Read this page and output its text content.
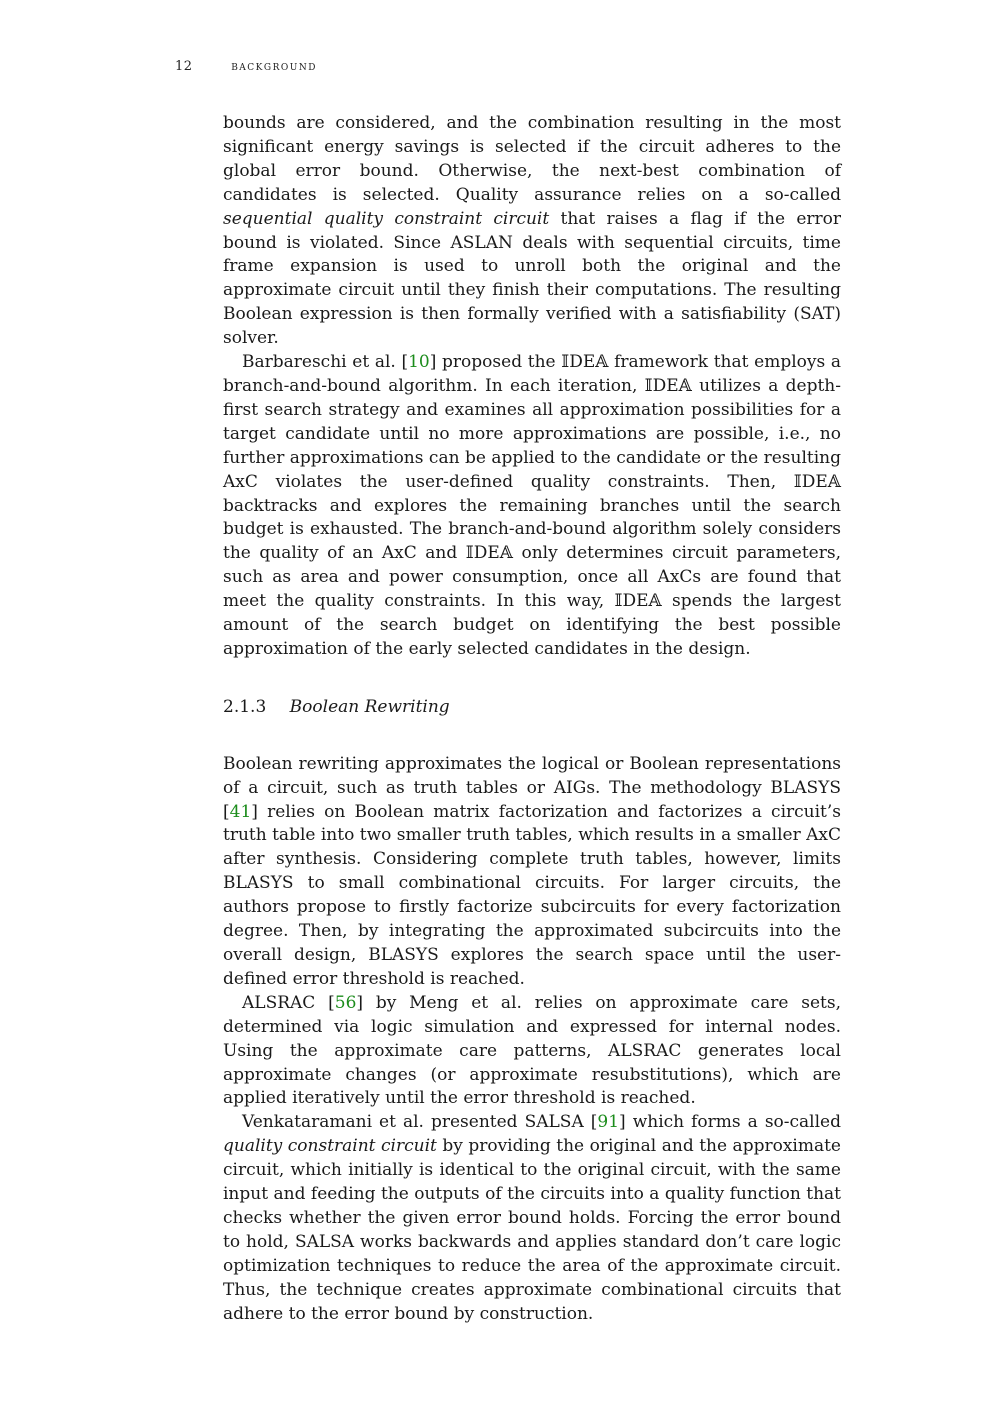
12	background

bounds are considered, and the combination resulting in the most significant energy savings is selected if the circuit adheres to the global error bound. Otherwise, the next-best combination of candidates is selected. Quality assurance relies on a so-called sequential quality constraint circuit that raises a flag if the error bound is violated. Since ASLAN deals with sequential circuits, time frame expansion is used to unroll both the original and the approximate circuit until they finish their computations. The resulting Boolean expression is then formally verified with a satisfiability (SAT) solver.

Barbareschi et al. [10] proposed the 𝕀DE𝔸 framework that employs a branch-and-bound algorithm. In each iteration, 𝕀DE𝔸 utilizes a depth-first search strategy and examines all approximation possibilities for a target candidate until no more approximations are possible, i.e., no further approximations can be applied to the candidate or the resulting AxC violates the user-defined quality constraints. Then, 𝕀DE𝔸 backtracks and explores the remaining branches until the search budget is exhausted. The branch-and-bound algorithm solely considers the quality of an AxC and 𝕀DE𝔸 only determines circuit parameters, such as area and power consumption, once all AxCs are found that meet the quality constraints. In this way, 𝕀DE𝔸 spends the largest amount of the search budget on identifying the best possible approximation of the early selected candidates in the design.

2.1.3 Boolean Rewriting

Boolean rewriting approximates the logical or Boolean representations of a circuit, such as truth tables or AIGs. The methodology BLASYS [41] relies on Boolean matrix factorization and factorizes a circuit’s truth table into two smaller truth tables, which results in a smaller AxC after synthesis. Considering complete truth tables, however, limits BLASYS to small combinational circuits. For larger circuits, the authors propose to firstly factorize subcircuits for every factorization degree. Then, by integrating the approximated subcircuits into the overall design, BLASYS explores the search space until the user-defined error threshold is reached.

ALSRAC [56] by Meng et al. relies on approximate care sets, determined via logic simulation and expressed for internal nodes. Using the approximate care patterns, ALSRAC generates local approximate changes (or approximate resubstitutions), which are applied iteratively until the error threshold is reached.

Venkataramani et al. presented SALSA [91] which forms a so-called quality constraint circuit by providing the original and the approximate circuit, which initially is identical to the original circuit, with the same input and feeding the outputs of the circuits into a quality function that checks whether the given error bound holds. Forcing the error bound to hold, SALSA works backwards and applies standard don’t care logic optimization techniques to reduce the area of the approximate circuit. Thus, the technique creates approximate combinational circuits that adhere to the error bound by construction.
